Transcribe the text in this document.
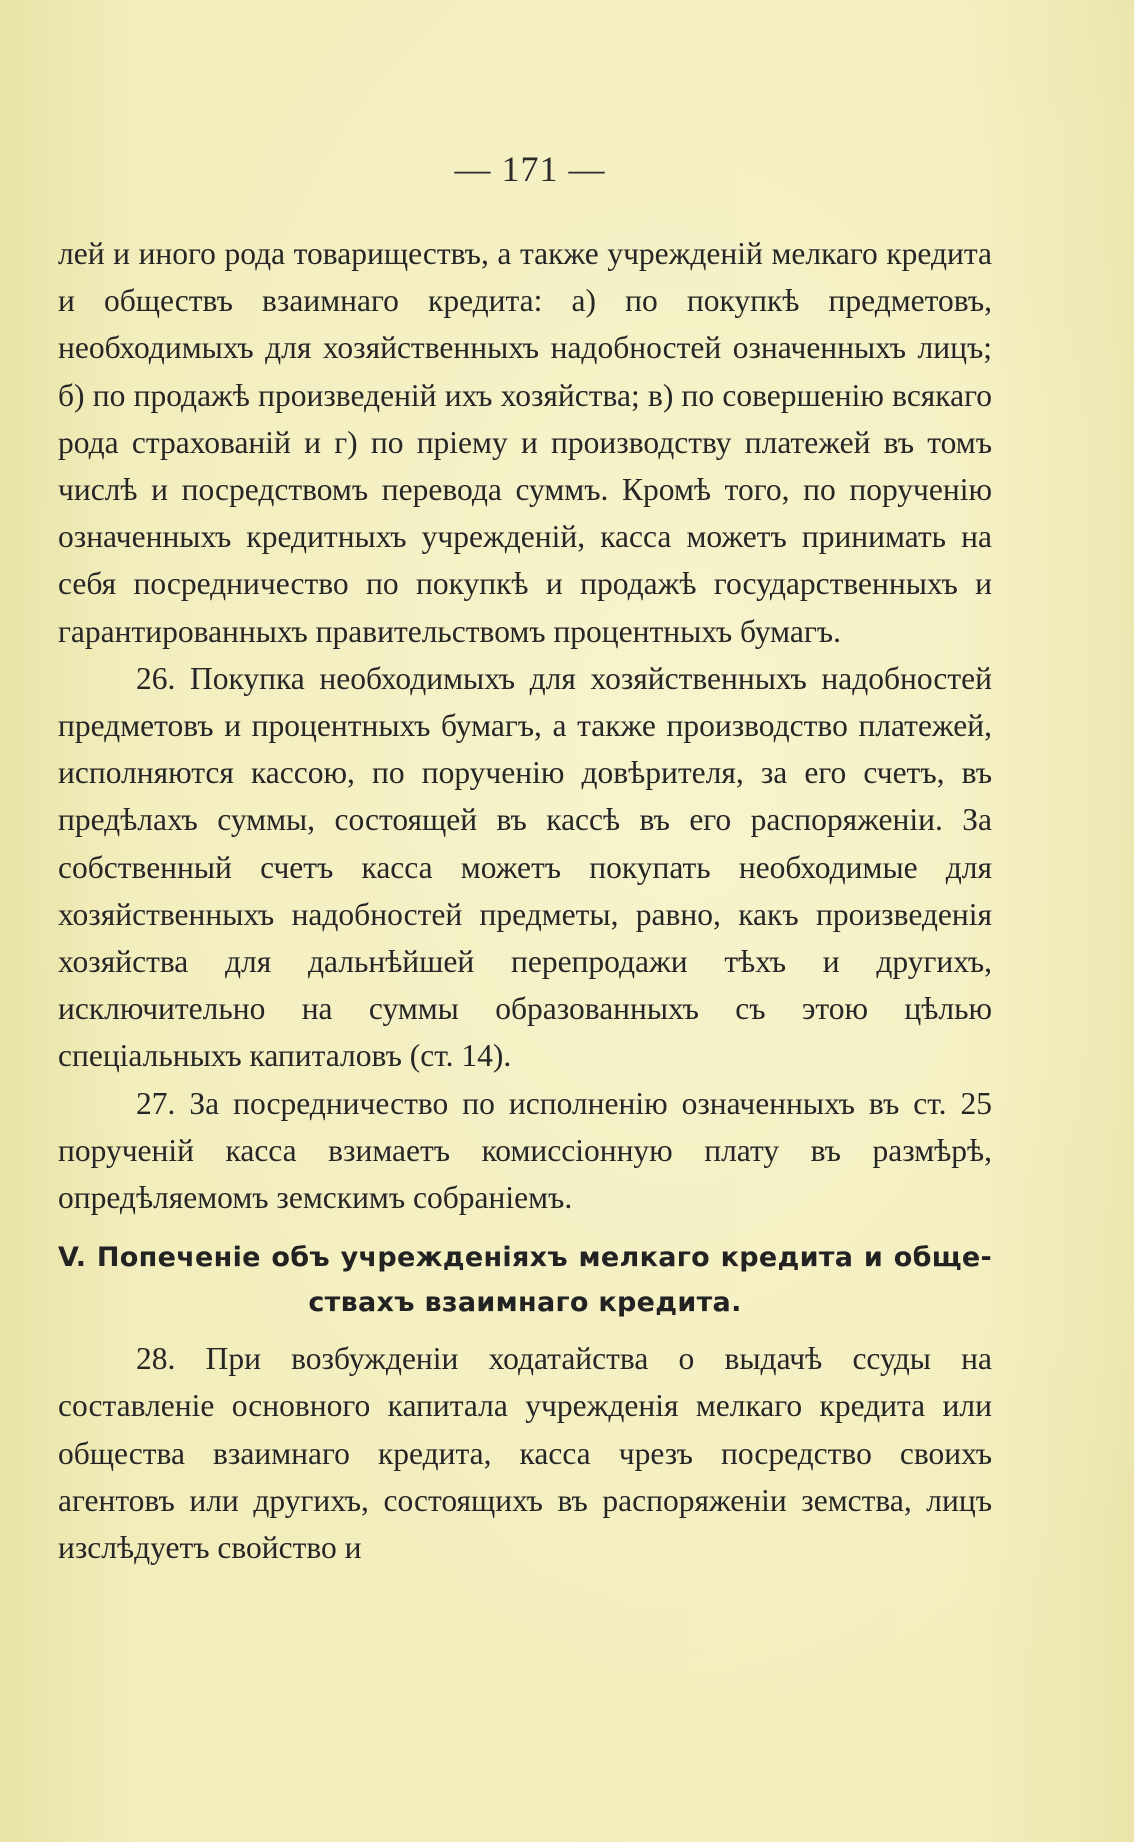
— 171 —

лей и иного рода товариществъ, а также учрежденій мелкаго кредита и обществъ взаимнаго кредита: а) по покупкѣ предметовъ, необходимыхъ для хозяйственныхъ надобностей означенныхъ лицъ; б) по продажѣ произведеній ихъ хозяйства; в) по совершенію всякаго рода страхованій и г) по пріему и производству платежей въ томъ числѣ и посредствомъ перевода суммъ. Кромѣ того, по порученію означенныхъ кредитныхъ учрежденій, касса можетъ принимать на себя посредничество по покупкѣ и продажѣ государственныхъ и гарантированныхъ правительствомъ процентныхъ бумагъ.

26. Покупка необходимыхъ для хозяйственныхъ надобностей предметовъ и процентныхъ бумагъ, а также производство платежей, исполняются кассою, по порученію довѣрителя, за его счетъ, въ предѣлахъ суммы, состоящей въ кассѣ въ его распоряженіи. За собственный счетъ касса можетъ покупать необходимые для хозяйственныхъ надобностей предметы, равно, какъ произведенія хозяйства для дальнѣйшей перепродажи тѣхъ и другихъ, исключительно на суммы образованныхъ съ этою цѣлью спеціальныхъ капиталовъ (ст. 14).

27. За посредничество по исполненію означенныхъ въ ст. 25 порученій касса взимаетъ комиссіонную плату въ размѣрѣ, опредѣляемомъ земскимъ собраніемъ.

V. Попеченіе объ учрежденіяхъ мелкаго кредита и обще-
ствахъ взаимнаго кредита.

28. При возбужденіи ходатайства о выдачѣ ссуды на составленіе основного капитала учрежденія мелкаго кредита или общества взаимнаго кредита, касса чрезъ посредство своихъ агентовъ или другихъ, состоящихъ въ распоряженіи земства, лицъ изслѣдуетъ свойство и
